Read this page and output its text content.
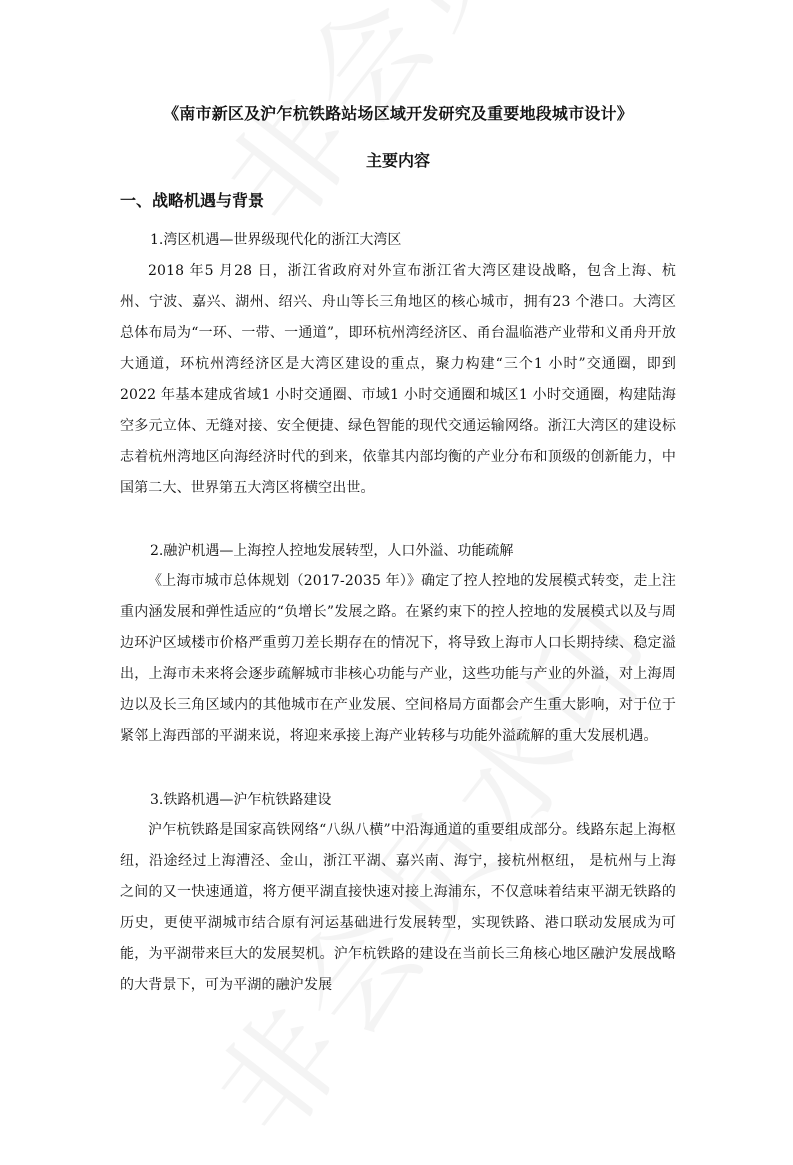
《南市新区及沪乍杭铁路站场区域开发研究及重要地段城市设计》
主要内容
一、战略机遇与背景

1.湾区机遇—世界级现代化的浙江大湾区

2018 年5 月28 日，浙江省政府对外宣布浙江省大湾区建设战略，包含上海、杭州、宁波、嘉兴、湖州、绍兴、舟山等长三角地区的核心城市，拥有23 个港口。大湾区总体布局为“一环、一带、一通道”，即环杭州湾经济区、甬台温临港产业带和义甬舟开放大通道，环杭州湾经济区是大湾区建设的重点，聚力构建“三个1 小时”交通圈，即到2022 年基本建成省域1 小时交通圈、市域1 小时交通圈和城区1 小时交通圈，构建陆海空多元立体、无缝对接、安全便捷、绿色智能的现代交通运输网络。浙江大湾区的建设标志着杭州湾地区向海经济时代的到来，依靠其内部均衡的产业分布和顶级的创新能力，中国第二大、世界第五大湾区将横空出世。

2.融沪机遇—上海控人控地发展转型，人口外溢、功能疏解

《上海市城市总体规划（2017-2035 年）》确定了控人控地的发展模式转变，走上注重内涵发展和弹性适应的“负增长”发展之路。在紧约束下的控人控地的发展模式以及与周边环沪区域楼市价格严重剪刀差长期存在的情况下，将导致上海市人口长期持续、稳定溢出，上海市未来将会逐步疏解城市非核心功能与产业，这些功能与产业的外溢，对上海周边以及长三角区域内的其他城市在产业发展、空间格局方面都会产生重大影响，对于位于紧邻上海西部的平湖来说，将迎来承接上海产业转移与功能外溢疏解的重大发展机遇。

3.铁路机遇—沪乍杭铁路建设

沪乍杭铁路是国家高铁网络“八纵八横”中沿海通道的重要组成部分。线路东起上海枢纽，沿途经过上海漕泾、金山，浙江平湖、嘉兴南、海宁，接杭州枢纽， 是杭州与上海之间的又一快速通道，将方便平湖直接快速对接上海浦东，不仅意味着结束平湖无铁路的历史，更使平湖城市结合原有河运基础进行发展转型，实现铁路、港口联动发展成为可能，为平湖带来巨大的发展契机。沪乍杭铁路的建设在当前长三角核心地区融沪发展战略的大背景下，可为平湖的融沪发展
